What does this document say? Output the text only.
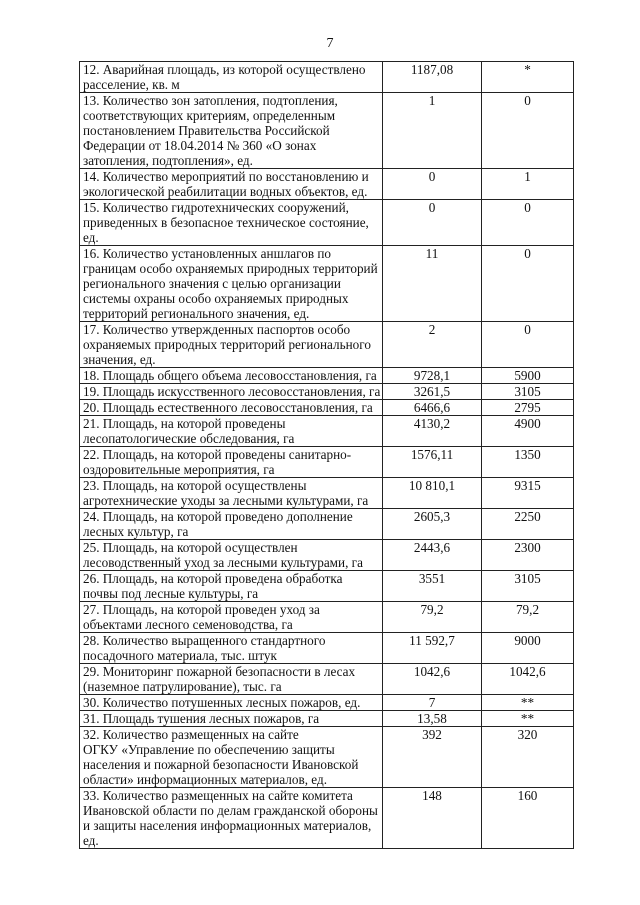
7
12. Аварийная площадь, из которой осуществлено
расселение, кв. м	1187,08	*

13. Количество зон затопления, подтопления,
соответствующих критериям, определенным
постановлением Правительства Российской
Федерации от 18.04.2014 № 360 «О зонах
затопления, подтопления», ед.	1	0

14. Количество мероприятий по восстановлению и
экологической реабилитации водных объектов, ед.	0	1

15. Количество гидротехнических сооружений,
приведенных в безопасное техническое состояние,
ед.	0	0

16. Количество установленных аншлагов по
границам особо охраняемых природных территорий
регионального значения с целью организации
системы охраны особо охраняемых природных
территорий регионального значения, ед.	11	0

17. Количество утвержденных паспортов особо
охраняемых природных территорий регионального
значения, ед.	2	0

18. Площадь общего объема лесовосстановления, га	9728,1	5900

19. Площадь искусственного лесовосстановления, га	3261,5	3105

20. Площадь естественного лесовосстановления, га	6466,6	2795

21. Площадь, на которой проведены
лесопатологические обследования, га	4130,2	4900

22. Площадь, на которой проведены санитарно-
оздоровительные мероприятия, га	1576,11	1350

23. Площадь, на которой осуществлены
агротехнические уходы за лесными культурами, га	10 810,1	9315

24. Площадь, на которой проведено дополнение
лесных культур, га	2605,3	2250

25. Площадь, на которой осуществлен
лесоводственный уход за лесными культурами, га	2443,6	2300

26. Площадь, на которой проведена обработка
почвы под лесные культуры, га	3551	3105

27. Площадь, на которой проведен уход за
объектами лесного семеноводства, га	79,2	79,2

28. Количество выращенного стандартного
посадочного материала, тыс. штук	11 592,7	9000

29. Мониторинг пожарной безопасности в лесах
(наземное патрулирование), тыс. га	1042,6	1042,6

30. Количество потушенных лесных пожаров, ед.	7	**

31. Площадь тушения лесных пожаров, га	13,58	**

32. Количество размещенных на сайте
ОГКУ «Управление по обеспечению защиты
населения и пожарной безопасности Ивановской
области» информационных материалов, ед.	392	320

33. Количество размещенных на сайте комитета
Ивановской области по делам гражданской обороны
и защиты населения информационных материалов,
ед.	148	160
